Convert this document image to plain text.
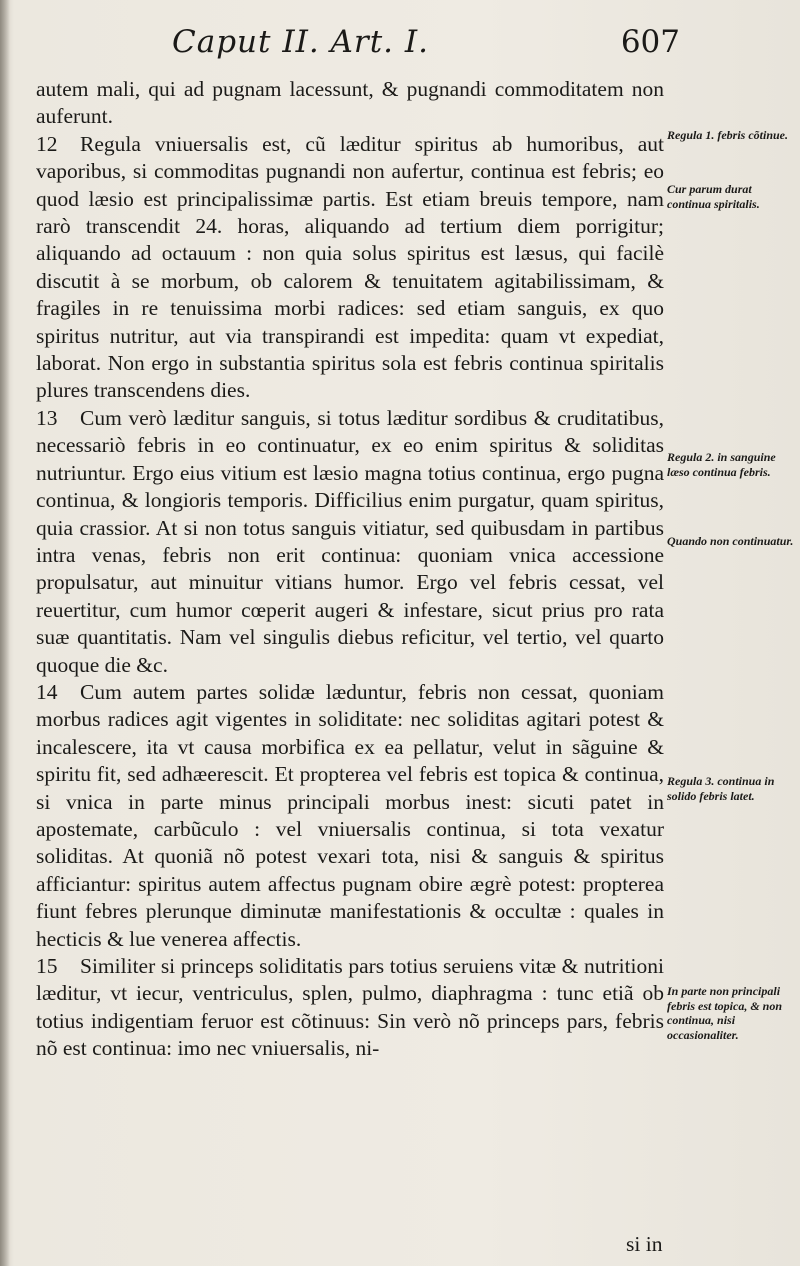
Caput II. Art. I.	607

autem mali, qui ad pugnam lacessunt, & pugnandi commoditatem non auferunt.

12 Regula vniuersalis est, cũ læditur spiritus ab humoribus, aut vaporibus, si commoditas pugnandi non aufertur, continua est febris; eo quod læsio est principalissimæ partis. Est etiam breuis tempore, nam rarò transcendit 24. horas, aliquando ad tertium diem porrigitur; aliquando ad octauum : non quia solus spiritus est læsus, qui facilè discutit à se morbum, ob calorem & tenuitatem agitabilissimam, & fragiles in re tenuissima morbi radices: sed etiam sanguis, ex quo spiritus nutritur, aut via transpirandi est impedita: quam vt expediat, laborat. Non ergo in substantia spiritus sola est febris continua spiritalis plures transcendens dies.

13 Cum verò læditur sanguis, si totus læditur sordibus & cruditatibus, necessariò febris in eo continuatur, ex eo enim spiritus & soliditas nutriuntur. Ergo eius vitium est læsio magna totius continua, ergo pugna continua, & longioris temporis. Difficilius enim purgatur, quam spiritus, quia crassior. At si non totus sanguis vitiatur, sed quibusdam in partibus intra venas, febris non erit continua: quoniam vnica accessione propulsatur, aut minuitur vitians humor. Ergo vel febris cessat, vel reuertitur, cum humor cœperit augeri & infestare, sicut prius pro rata suæ quantitatis. Nam vel singulis diebus reficitur, vel tertio, vel quarto quoque die &c.

14 Cum autem partes solidæ læduntur, febris non cessat, quoniam morbus radices agit vigentes in soliditate: nec soliditas agitari potest & incalescere, ita vt causa morbifica ex ea pellatur, velut in sãguine & spiritu fit, sed adhæerescit. Et propterea vel febris est topica & continua, si vnica in parte minus principali morbus inest: sicuti patet in apostemate, carbũculo : vel vniuersalis continua, si tota vexatur soliditas. At quoniã nõ potest vexari tota, nisi & sanguis & spiritus afficiantur: spiritus autem affectus pugnam obire ægrè potest: propterea fiunt febres plerunque diminutæ manifestationis & occultæ : quales in hecticis & lue venerea affectis.

15 Similiter si princeps soliditatis pars totius seruiens vitæ & nutritioni læditur, vt iecur, ventriculus, splen, pulmo, diaphragma : tunc etiã ob totius indigentiam feruor est cõtinuus: Sin verò nõ princeps pars, febris nõ est continua: imo nec vniuersalis, ni-

Regula 1. febris cõtinue.
Cur parum durat continua spiritalis.
Regula 2. in sanguine læso continua febris.
Quando non continuatur.
Regula 3. continua in solido febris latet.
In parte non principali febris est topica, & non continua, nisi occasionaliter.
si in
